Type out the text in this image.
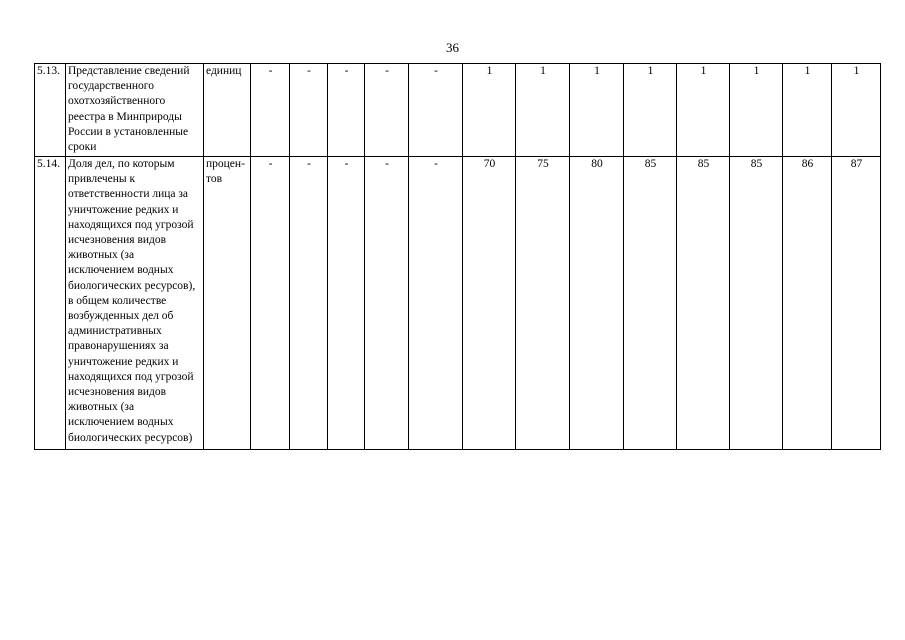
36
5.13.	Представление сведений государственного охотхозяйственного реестра в Минприроды России в установленные сроки	единиц	-	-	-	-	-	1	1	1	1	1	1	1	1
5.14.	Доля дел, по которым привлечены к ответственности лица за уничтожение редких и находящихся под угрозой исчезновения видов животных (за исключением водных биологических ресурсов), в общем количестве возбужденных дел об административных правонарушениях за уничтожение редких и находящихся под угрозой исчезновения видов животных (за исключением водных биологических ресурсов)	процен-тов	-	-	-	-	-	70	75	80	85	85	85	86	87
